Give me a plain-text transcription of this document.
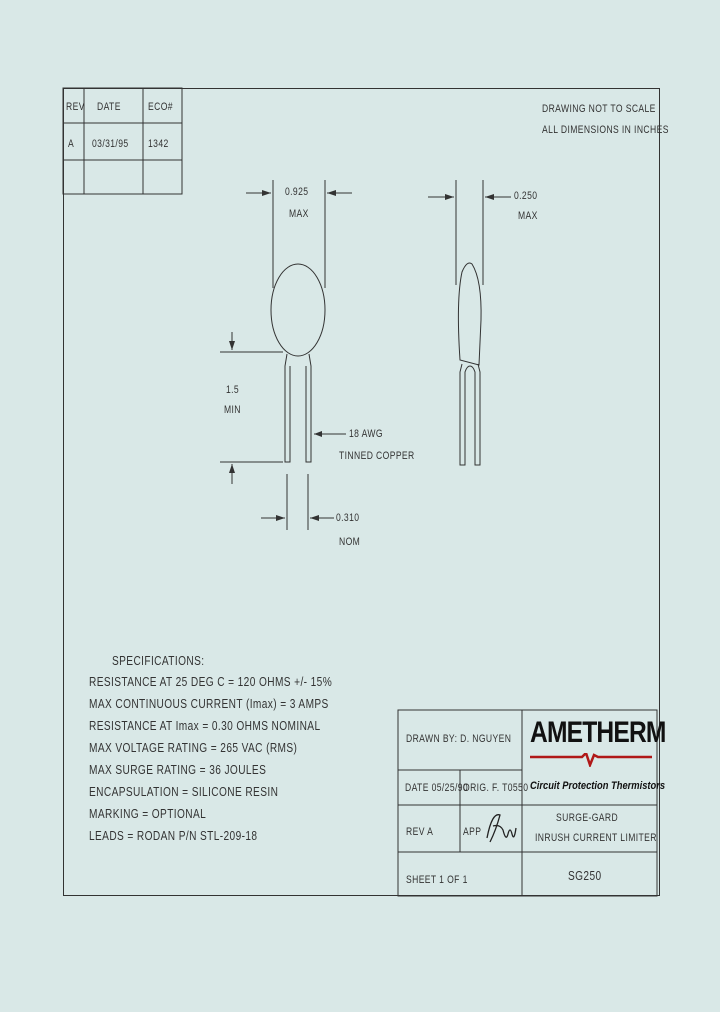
REV DATE ECO#
A 03/31/95 1342
DRAWING NOT TO SCALE
ALL DIMENSIONS IN INCHES
0.925
MAX
0.250
MAX
1.5
MIN
18 AWG
TINNED COPPER
0.310
NOM
SPECIFICATIONS:
RESISTANCE AT 25 DEG C = 120 OHMS +/- 15%
MAX CONTINUOUS CURRENT (Imax) = 3 AMPS
RESISTANCE AT Imax = 0.30 OHMS NOMINAL
MAX VOLTAGE RATING = 265 VAC (RMS)
MAX SURGE RATING = 36 JOULES
ENCAPSULATION = SILICONE RESIN
MARKING = OPTIONAL
LEADS = RODAN P/N STL-209-18
DRAWN BY: D. NGUYEN
DATE 05/25/90
ORIG. F. T0550
REV A	APP
SHEET 1 OF 1
SURGE-GARD
INRUSH CURRENT LIMITER
SG250
AMETHERM
Circuit Protection Thermistors
